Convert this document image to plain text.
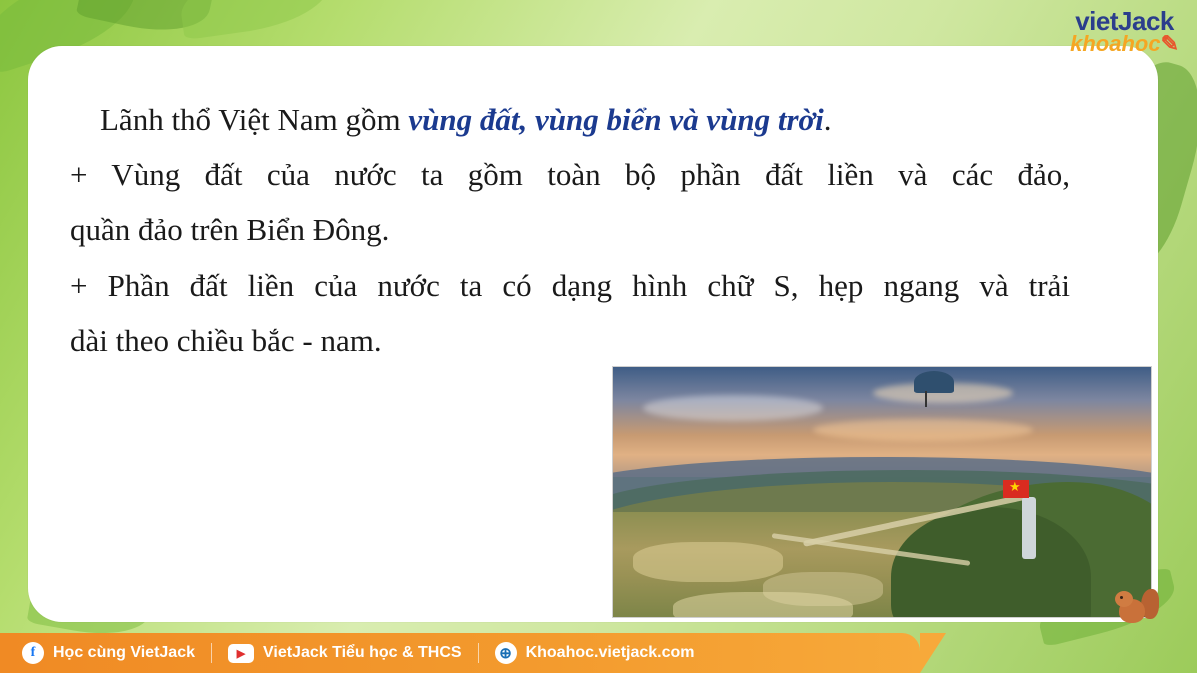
vietJack
khoahoc✎
Lãnh thổ Việt Nam gồm vùng đất, vùng biển và vùng trời.
+ Vùng đất của nước ta gồm toàn bộ phần đất liền và các đảo,
quần đảo trên Biển Đông.
+ Phần đất liền của nước ta có dạng hình chữ S, hẹp ngang và trải
dài theo chiều bắc - nam.
★
f	Học cùng VietJack	▶	VietJack Tiểu học & THCS	⊕ Khoahoc.vietjack.com
